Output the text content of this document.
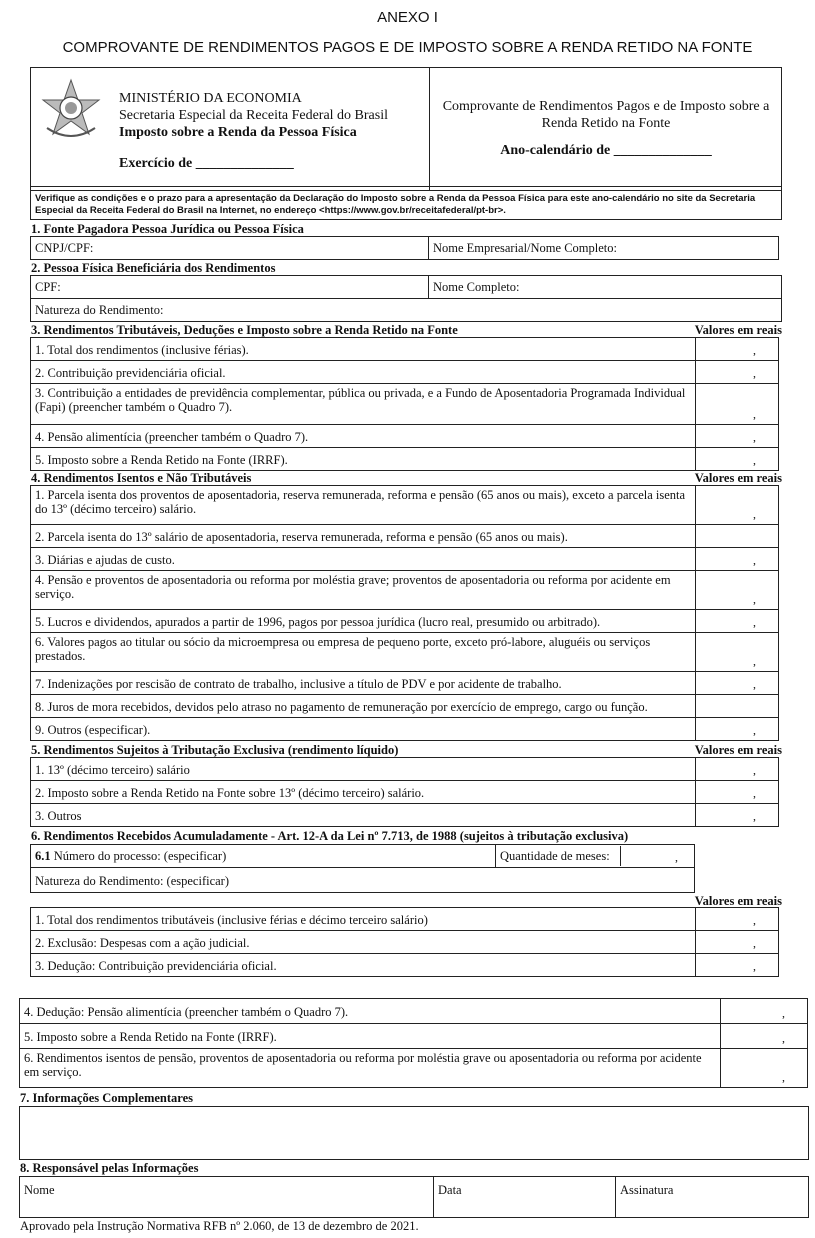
ANEXO I
COMPROVANTE DE RENDIMENTOS PAGOS E DE IMPOSTO SOBRE A RENDA RETIDO NA FONTE
MINISTÉRIO DA ECONOMIA
Secretaria Especial da Receita Federal do Brasil
Imposto sobre a Renda da Pessoa Física
Exercício de ______________
Comprovante de Rendimentos Pagos e de Imposto sobre a Renda Retido na Fonte
Ano-calendário de ______________
Verifique as condições e o prazo para a apresentação da Declaração do Imposto sobre a Renda da Pessoa Física para este ano-calendário no site da Secretaria Especial da Receita Federal do Brasil na Internet, no endereço <https://www.gov.br/receitafederal/pt-br>.
1. Fonte Pagadora Pessoa Jurídica ou Pessoa Física
CNPJ/CPF:	Nome Empresarial/Nome Completo:
2. Pessoa Física Beneficiária dos Rendimentos
CPF:	Nome Completo:
Natureza do Rendimento:
3. Rendimentos Tributáveis, Deduções e Imposto sobre a Renda Retido na Fonte	Valores em reais
1. Total dos rendimentos (inclusive férias).	,
2. Contribuição previdenciária oficial.	,
3. Contribuição a entidades de previdência complementar, pública ou privada, e a Fundo de Aposentadoria Programada Individual (Fapi) (preencher também o Quadro 7).	,
4. Pensão alimentícia (preencher também o Quadro 7).	,
5. Imposto sobre a Renda Retido na Fonte (IRRF).	,
4. Rendimentos Isentos e Não Tributáveis	Valores em reais
1. Parcela isenta dos proventos de aposentadoria, reserva remunerada, reforma e pensão (65 anos ou mais), exceto a parcela isenta do 13º (décimo terceiro) salário.	,
2. Parcela isenta do 13º salário de aposentadoria, reserva remunerada, reforma e pensão (65 anos ou mais).
3. Diárias e ajudas de custo.	,
4. Pensão e proventos de aposentadoria ou reforma por moléstia grave; proventos de aposentadoria ou reforma por acidente em serviço.	,
5. Lucros e dividendos, apurados a partir de 1996, pagos por pessoa jurídica (lucro real, presumido ou arbitrado).	,
6. Valores pagos ao titular ou sócio da microempresa ou empresa de pequeno porte, exceto pró-labore, aluguéis ou serviços prestados.	,
7. Indenizações por rescisão de contrato de trabalho, inclusive a título de PDV e por acidente de trabalho.	,
8. Juros de mora recebidos, devidos pelo atraso no pagamento de remuneração por exercício de emprego, cargo ou função.
9. Outros (especificar).	,
5. Rendimentos Sujeitos à Tributação Exclusiva (rendimento líquido)	Valores em reais
1. 13º (décimo terceiro) salário	,
2. Imposto sobre a Renda Retido na Fonte sobre 13º (décimo terceiro) salário.	,
3. Outros	,
6. Rendimentos Recebidos Acumuladamente - Art. 12-A da Lei nº 7.713, de 1988 (sujeitos à tributação exclusiva)
6.1 Número do processo: (especificar)	Quantidade de meses:	,
Natureza do Rendimento: (especificar)
Valores em reais
1. Total dos rendimentos tributáveis (inclusive férias e décimo terceiro salário)	,
2. Exclusão: Despesas com a ação judicial.	,
3. Dedução: Contribuição previdenciária oficial.	,
4. Dedução: Pensão alimentícia (preencher também o Quadro 7).	,
5. Imposto sobre a Renda Retido na Fonte (IRRF).	,
6. Rendimentos isentos de pensão, proventos de aposentadoria ou reforma por moléstia grave ou aposentadoria ou reforma por acidente em serviço.	,
7. Informações Complementares
8. Responsável pelas Informações
Nome	Data	Assinatura
Aprovado pela Instrução Normativa RFB nº 2.060, de 13 de dezembro de 2021.
